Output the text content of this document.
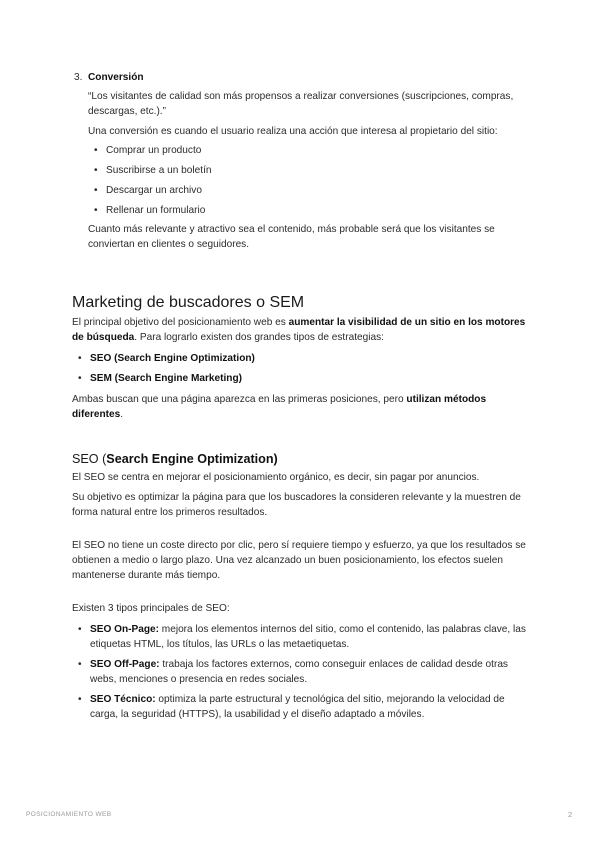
3. Conversión

“Los visitantes de calidad son más propensos a realizar conversiones (suscripciones, compras, descargas, etc.).”

Una conversión es cuando el usuario realiza una acción que interesa al propietario del sitio:

• Comprar un producto
• Suscribirse a un boletín
• Descargar un archivo
• Rellenar un formulario

Cuanto más relevante y atractivo sea el contenido, más probable será que los visitantes se conviertan en clientes o seguidores.

Marketing de buscadores o SEM

El principal objetivo del posicionamiento web es aumentar la visibilidad de un sitio en los motores de búsqueda. Para lograrlo existen dos grandes tipos de estrategias:

• SEO (Search Engine Optimization)
• SEM (Search Engine Marketing)

Ambas buscan que una página aparezca en las primeras posiciones, pero utilizan métodos diferentes.

SEO (Search Engine Optimization)

El SEO se centra en mejorar el posicionamiento orgánico, es decir, sin pagar por anuncios.

Su objetivo es optimizar la página para que los buscadores la consideren relevante y la muestren de forma natural entre los primeros resultados.

El SEO no tiene un coste directo por clic, pero sí requiere tiempo y esfuerzo, ya que los resultados se obtienen a medio o largo plazo. Una vez alcanzado un buen posicionamiento, los efectos suelen mantenerse durante más tiempo.

Existen 3 tipos principales de SEO:

• SEO On-Page: mejora los elementos internos del sitio, como el contenido, las palabras clave, las etiquetas HTML, los títulos, las URLs o las metaetiquetas.
• SEO Off-Page: trabaja los factores externos, como conseguir enlaces de calidad desde otras webs, menciones o presencia en redes sociales.
• SEO Técnico: optimiza la parte estructural y tecnológica del sitio, mejorando la velocidad de carga, la seguridad (HTTPS), la usabilidad y el diseño adaptado a móviles.
POSICIONAMIENTO WEB	2
